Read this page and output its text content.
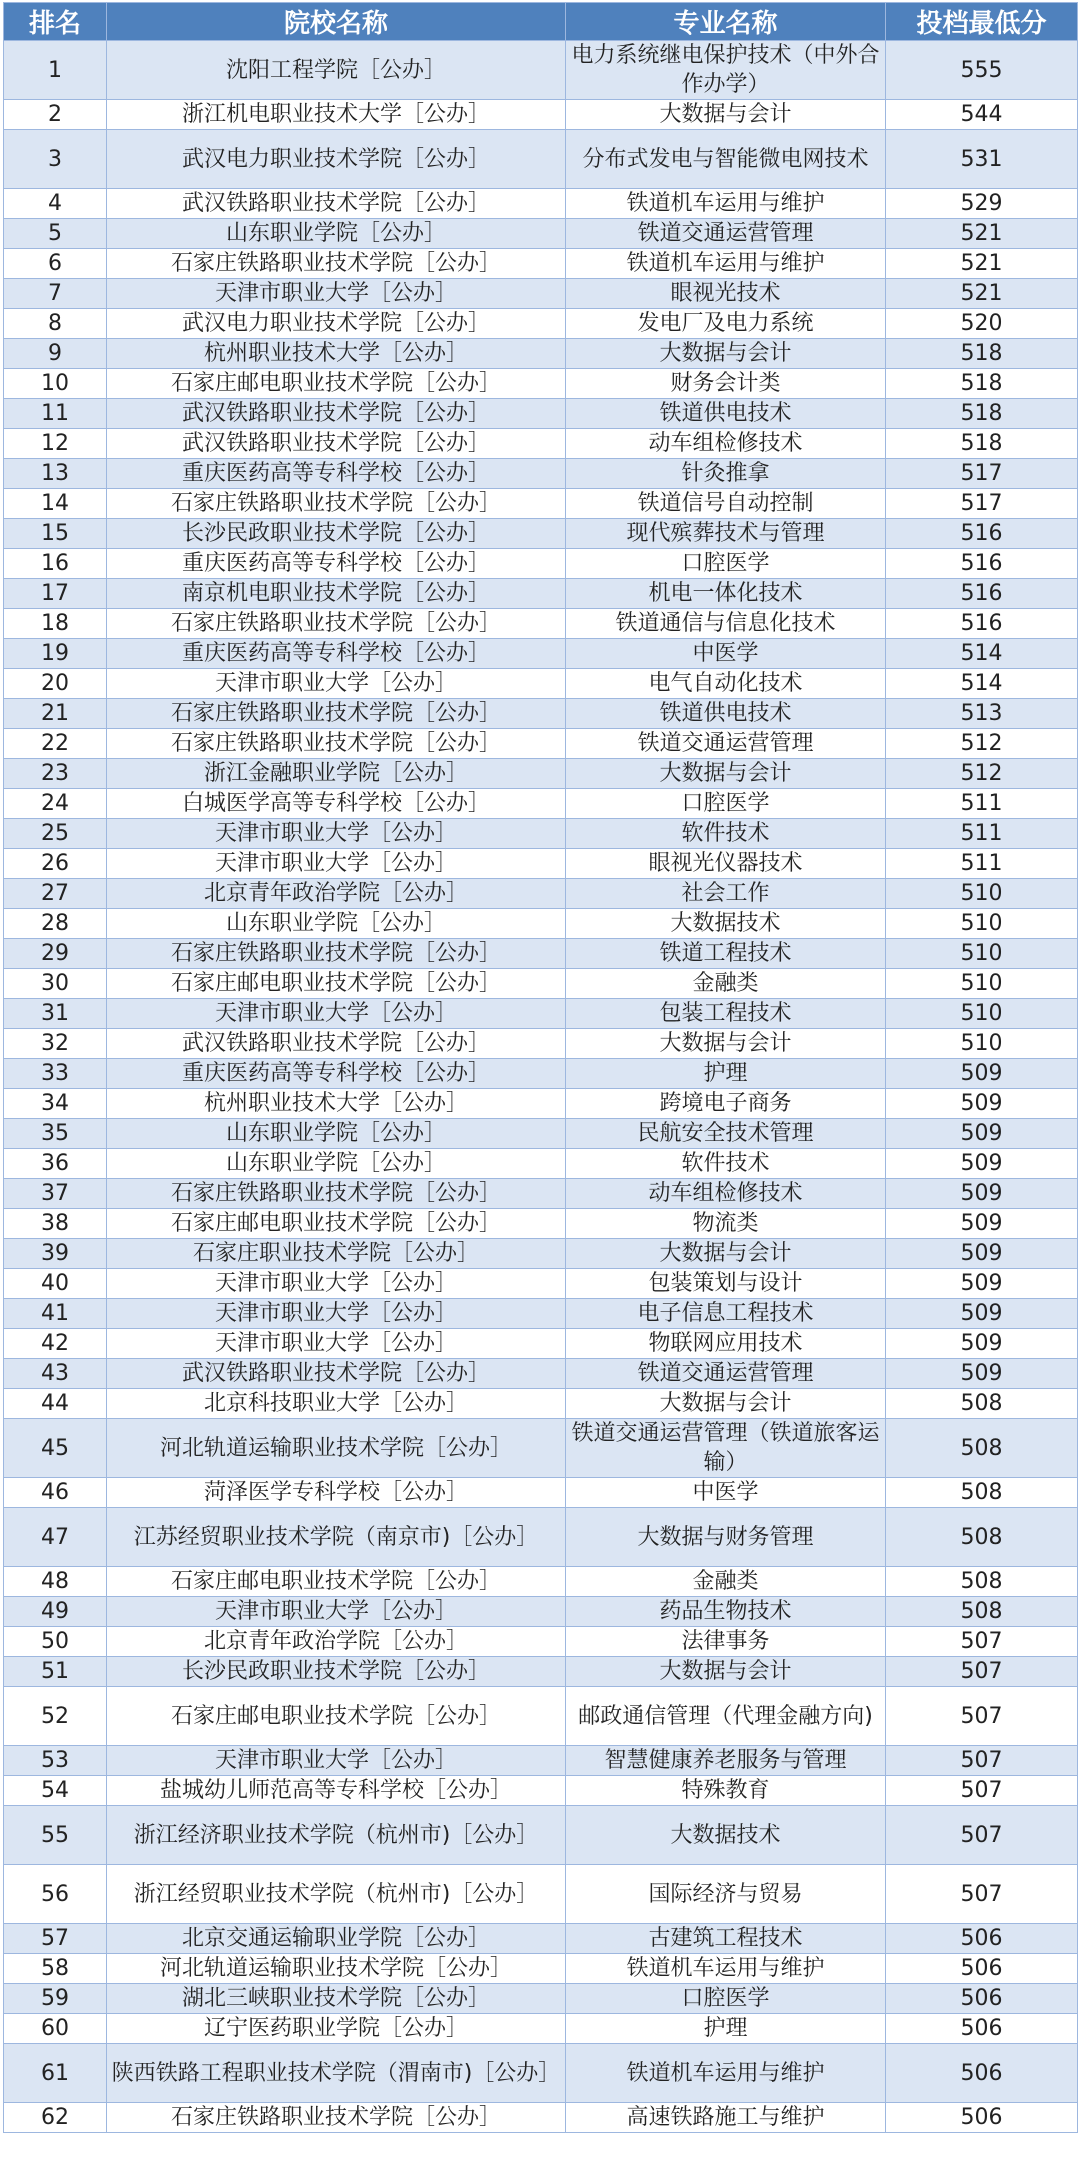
排名	院校名称	专业名称	投档最低分
1	沈阳工程学院［公办］	电力系统继电保护技术（中外合作办学）	555
2	浙江机电职业技术大学［公办］	大数据与会计	544
3	武汉电力职业技术学院［公办］	分布式发电与智能微电网技术	531
4	武汉铁路职业技术学院［公办］	铁道机车运用与维护	529
5	山东职业学院［公办］	铁道交通运营管理	521
6	石家庄铁路职业技术学院［公办］	铁道机车运用与维护	521
7	天津市职业大学［公办］	眼视光技术	521
8	武汉电力职业技术学院［公办］	发电厂及电力系统	520
9	杭州职业技术大学［公办］	大数据与会计	518
10	石家庄邮电职业技术学院［公办］	财务会计类	518
11	武汉铁路职业技术学院［公办］	铁道供电技术	518
12	武汉铁路职业技术学院［公办］	动车组检修技术	518
13	重庆医药高等专科学校［公办］	针灸推拿	517
14	石家庄铁路职业技术学院［公办］	铁道信号自动控制	517
15	长沙民政职业技术学院［公办］	现代殡葬技术与管理	516
16	重庆医药高等专科学校［公办］	口腔医学	516
17	南京机电职业技术学院［公办］	机电一体化技术	516
18	石家庄铁路职业技术学院［公办］	铁道通信与信息化技术	516
19	重庆医药高等专科学校［公办］	中医学	514
20	天津市职业大学［公办］	电气自动化技术	514
21	石家庄铁路职业技术学院［公办］	铁道供电技术	513
22	石家庄铁路职业技术学院［公办］	铁道交通运营管理	512
23	浙江金融职业学院［公办］	大数据与会计	512
24	白城医学高等专科学校［公办］	口腔医学	511
25	天津市职业大学［公办］	软件技术	511
26	天津市职业大学［公办］	眼视光仪器技术	511
27	北京青年政治学院［公办］	社会工作	510
28	山东职业学院［公办］	大数据技术	510
29	石家庄铁路职业技术学院［公办］	铁道工程技术	510
30	石家庄邮电职业技术学院［公办］	金融类	510
31	天津市职业大学［公办］	包装工程技术	510
32	武汉铁路职业技术学院［公办］	大数据与会计	510
33	重庆医药高等专科学校［公办］	护理	509
34	杭州职业技术大学［公办］	跨境电子商务	509
35	山东职业学院［公办］	民航安全技术管理	509
36	山东职业学院［公办］	软件技术	509
37	石家庄铁路职业技术学院［公办］	动车组检修技术	509
38	石家庄邮电职业技术学院［公办］	物流类	509
39	石家庄职业技术学院［公办］	大数据与会计	509
40	天津市职业大学［公办］	包装策划与设计	509
41	天津市职业大学［公办］	电子信息工程技术	509
42	天津市职业大学［公办］	物联网应用技术	509
43	武汉铁路职业技术学院［公办］	铁道交通运营管理	509
44	北京科技职业大学［公办］	大数据与会计	508
45	河北轨道运输职业技术学院［公办］	铁道交通运营管理（铁道旅客运输）	508
46	菏泽医学专科学校［公办］	中医学	508
47	江苏经贸职业技术学院（南京市)［公办］	大数据与财务管理	508
48	石家庄邮电职业技术学院［公办］	金融类	508
49	天津市职业大学［公办］	药品生物技术	508
50	北京青年政治学院［公办］	法律事务	507
51	长沙民政职业技术学院［公办］	大数据与会计	507
52	石家庄邮电职业技术学院［公办］	邮政通信管理（代理金融方向)	507
53	天津市职业大学［公办］	智慧健康养老服务与管理	507
54	盐城幼儿师范高等专科学校［公办］	特殊教育	507
55	浙江经济职业技术学院（杭州市)［公办］	大数据技术	507
56	浙江经贸职业技术学院（杭州市)［公办］	国际经济与贸易	507
57	北京交通运输职业学院［公办］	古建筑工程技术	506
58	河北轨道运输职业技术学院［公办］	铁道机车运用与维护	506
59	湖北三峡职业技术学院［公办］	口腔医学	506
60	辽宁医药职业学院［公办］	护理	506
61	陕西铁路工程职业技术学院（渭南市)［公办］	铁道机车运用与维护	506
62	石家庄铁路职业技术学院［公办］	高速铁路施工与维护	506
